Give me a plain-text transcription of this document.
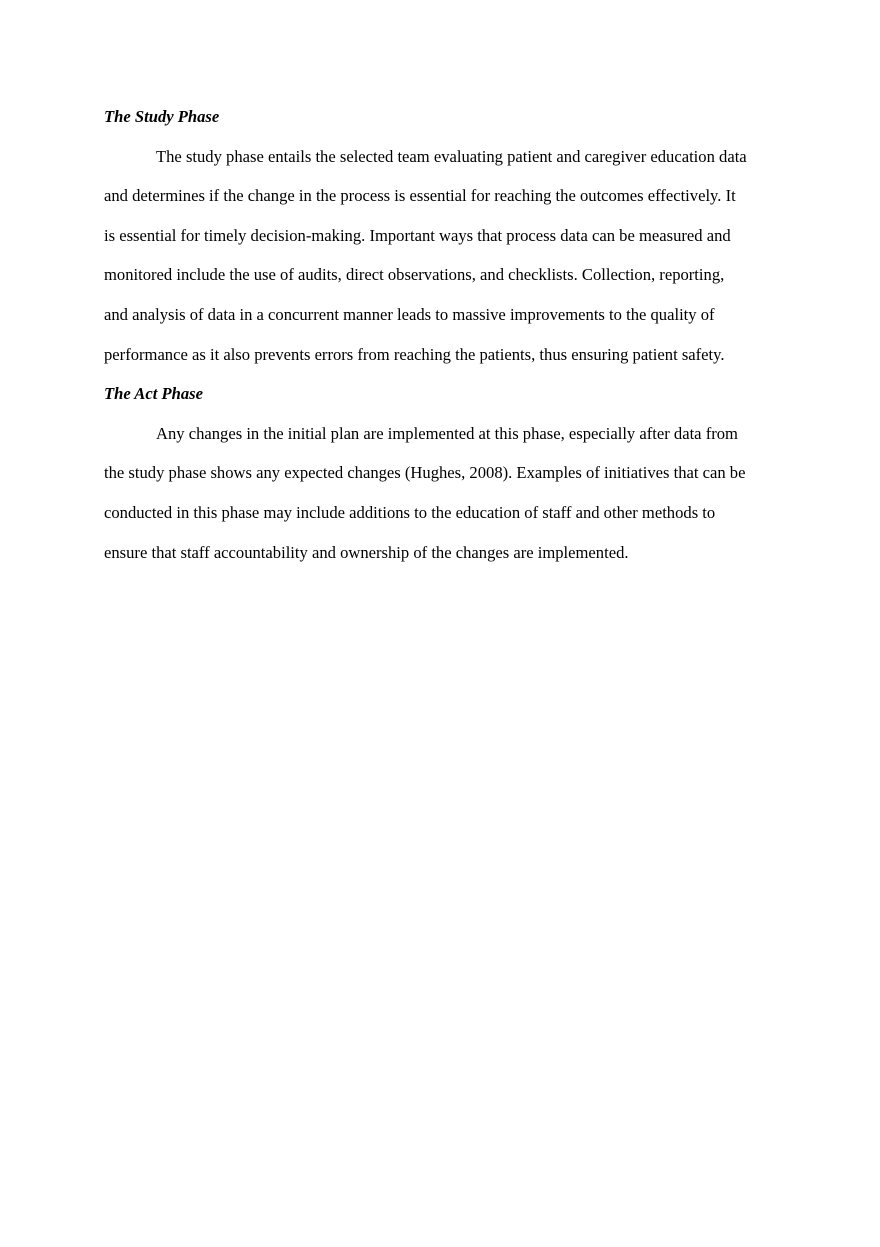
The Study Phase
The study phase entails the selected team evaluating patient and caregiver education data
and determines if the change in the process is essential for reaching the outcomes effectively. It
is essential for timely decision-making. Important ways that process data can be measured and
monitored include the use of audits, direct observations, and checklists. Collection, reporting,
and analysis of data in a concurrent manner leads to massive improvements to the quality of
performance as it also prevents errors from reaching the patients, thus ensuring patient safety.
The Act Phase
Any changes in the initial plan are implemented at this phase, especially after data from
the study phase shows any expected changes (Hughes, 2008). Examples of initiatives that can be
conducted in this phase may include additions to the education of staff and other methods to
ensure that staff accountability and ownership of the changes are implemented.
